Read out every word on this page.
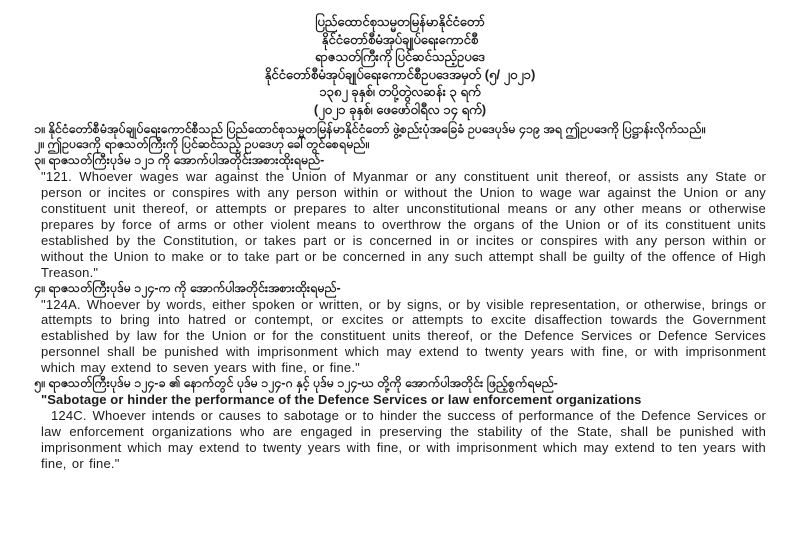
ပြည်ထောင်စုသမ္မတမြန်မာနိုင်ငံတော်
နိုင်ငံတော်စီမံအုပ်ချုပ်ရေးကောင်စီ
ရာဇသတ်ကြီးကို ပြင်ဆင်သည့်ဥပဒေ
နိုင်ငံတော်စီမံအုပ်ချုပ်ရေးကောင်စီဥပဒေအမှတ် (၅/ ၂၀၂၁)
၁၃၈၂ ခုနှစ်၊ တပို့တွဲလဆန်း ၃ ရက်
(၂၀၂၁ ခုနှစ်၊ ဖေဖော်ဝါရီလ ၁၄ ရက်)

၁။ နိုင်ငံတော်စီမံအုပ်ချုပ်ရေးကောင်စီသည် ပြည်ထောင်စုသမ္မတမြန်မာနိုင်ငံတော် ဖွဲ့စည်းပုံအခြေခံ ဥပဒေပုဒ်မ ၄၁၉ အရ ဤဥပဒေကို ပြဋ္ဌာန်းလိုက်သည်။

၂။ ဤဥပဒေကို ရာဇသတ်ကြီးကို ပြင်ဆင်သည့် ဥပဒေဟု ခေါ်တွင်စေရမည်။

၃။ ရာဇသတ်ကြီးပုဒ်မ ၁၂၁ ကို အောက်ပါအတိုင်းအစားထိုးရမည်-

"121. Whoever wages war against the Union of Myanmar or any constituent unit thereof, or assists any State or person or incites or conspires with any person within or without the Union to wage war against the Union or any constituent unit thereof, or attempts or prepares to alter unconstitutional means or any other means or otherwise prepares by force of arms or other violent means to overthrow the organs of the Union or of its constituent units established by the Constitution, or takes part or is concerned in or incites or conspires with any person within or without the Union to make or to take part or be concerned in any such attempt shall be guilty of the offence of High Treason."

၄။ ရာဇသတ်ကြီးပုဒ်မ ၁၂၄-က ကို အောက်ပါအတိုင်းအစားထိုးရမည်-

"124A. Whoever by words, either spoken or written, or by signs, or by visible representation, or otherwise, brings or attempts to bring into hatred or contempt, or excites or attempts to excite disaffection towards the Government established by law for the Union or for the constituent units thereof, or the Defence Services or Defence Services personnel shall be punished with imprisonment which may extend to twenty years with fine, or with imprisonment which may extend to seven years with fine, or fine."

၅။ ရာဇသတ်ကြီးပုဒ်မ ၁၂၄-ခ ၏ နောက်တွင် ပုဒ်မ ၁၂၄-ဂ နှင့် ပုဒ်မ ၁၂၄-ဃ တို့ကို အောက်ပါအတိုင်း ဖြည့်စွက်ရမည်-

"Sabotage or hinder the performance of the Defence Services or law enforcement organizations

124C. Whoever intends or causes to sabotage or to hinder the success of performance of the Defence Services or law enforcement organizations who are engaged in preserving the stability of the State, shall be punished with imprisonment which may extend to twenty years with fine, or with imprisonment which may extend to ten years with fine, or fine."
